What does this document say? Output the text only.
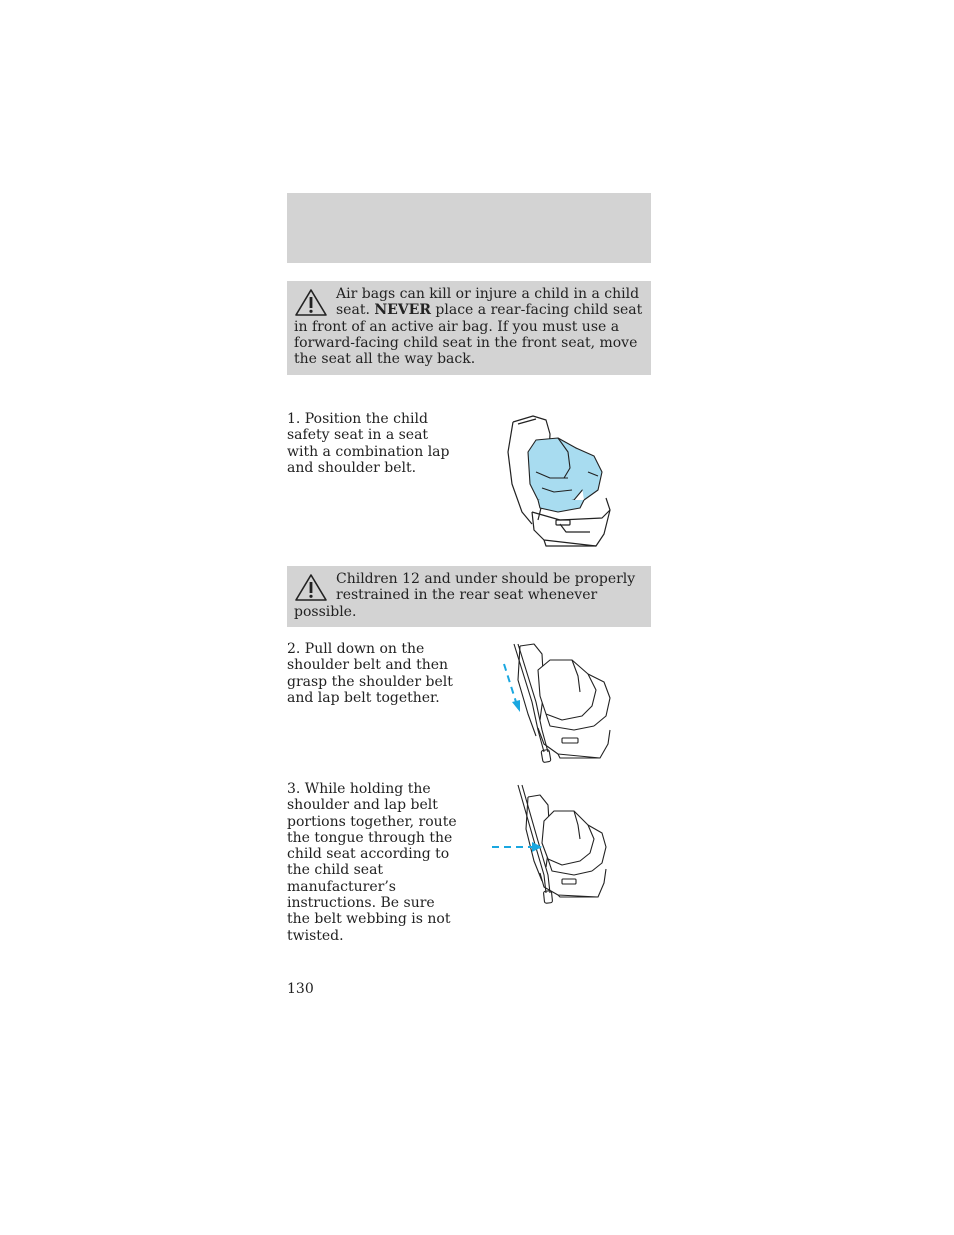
Air bags can kill or injure a child in a child seat. NEVER place a rear-facing child seat in front of an active air bag. If you must use a forward-facing child seat in the front seat, move the seat all the way back.
1. Position the child safety seat in a seat with a combination lap and shoulder belt.
Children 12 and under should be properly restrained in the rear seat whenever possible.
2. Pull down on the shoulder belt and then grasp the shoulder belt and lap belt together.
3. While holding the shoulder and lap belt portions together, route the tongue through the child seat according to the child seat manufacturer’s instructions. Be sure the belt webbing is not twisted.
130
